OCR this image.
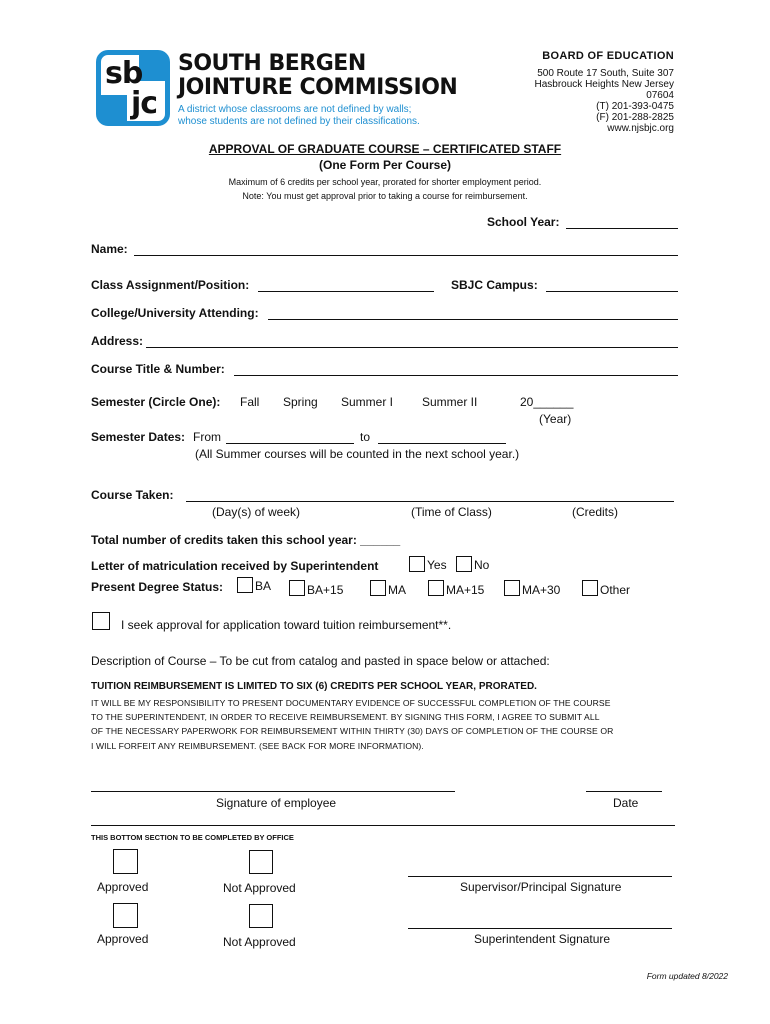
sb
jc
SOUTH BERGEN
JOINTURE COMMISSION
A district whose classrooms are not defined by walls;
whose students are not defined by their classifications.
BOARD OF EDUCATION
500 Route 17 South, Suite 307
Hasbrouck Heights New Jersey 07604
(T) 201-393-0475
(F) 201-288-2825
www.njsbjc.org
APPROVAL OF GRADUATE COURSE – CERTIFICATED STAFF
(One Form Per Course)
Maximum of 6 credits per school year, prorated for shorter employment period.
Note: You must get approval prior to taking a course for reimbursement.
School Year:
Name:
Class Assignment/Position:	SBJC Campus:
College/University Attending:
Address:
Course Title & Number:
Semester (Circle One): Fall Spring Summer I Summer II	20______
(Year)
Semester Dates: From	to
(All Summer courses will be counted in the next school year.)
Course Taken:
(Day(s) of week)	(Time of Class)	(Credits)
Total number of credits taken this school year: ______
Letter of matriculation received by Superintendent	Yes No
Present Degree Status:	BA	BA+15	MA	MA+15	MA+30	Other
I seek approval for application toward tuition reimbursement**.
Description of Course – To be cut from catalog and pasted in space below or attached:
TUITION REIMBURSEMENT IS LIMITED TO SIX (6) CREDITS PER SCHOOL YEAR, PRORATED.
IT WILL BE MY RESPONSIBILITY TO PRESENT DOCUMENTARY EVIDENCE OF SUCCESSFUL COMPLETION OF THE COURSE
TO THE SUPERINTENDENT, IN ORDER TO RECEIVE REIMBURSEMENT. BY SIGNING THIS FORM, I AGREE TO SUBMIT ALL
OF THE NECESSARY PAPERWORK FOR REIMBURSEMENT WITHIN THIRTY (30) DAYS OF COMPLETION OF THE COURSE OR
I WILL FORFEIT ANY REIMBURSEMENT. (SEE BACK FOR MORE INFORMATION).
Signature of employee	Date
THIS BOTTOM SECTION TO BE COMPLETED BY OFFICE
Approved	Not Approved	Supervisor/Principal Signature
Approved	Not Approved	Superintendent Signature
Form updated 8/2022
